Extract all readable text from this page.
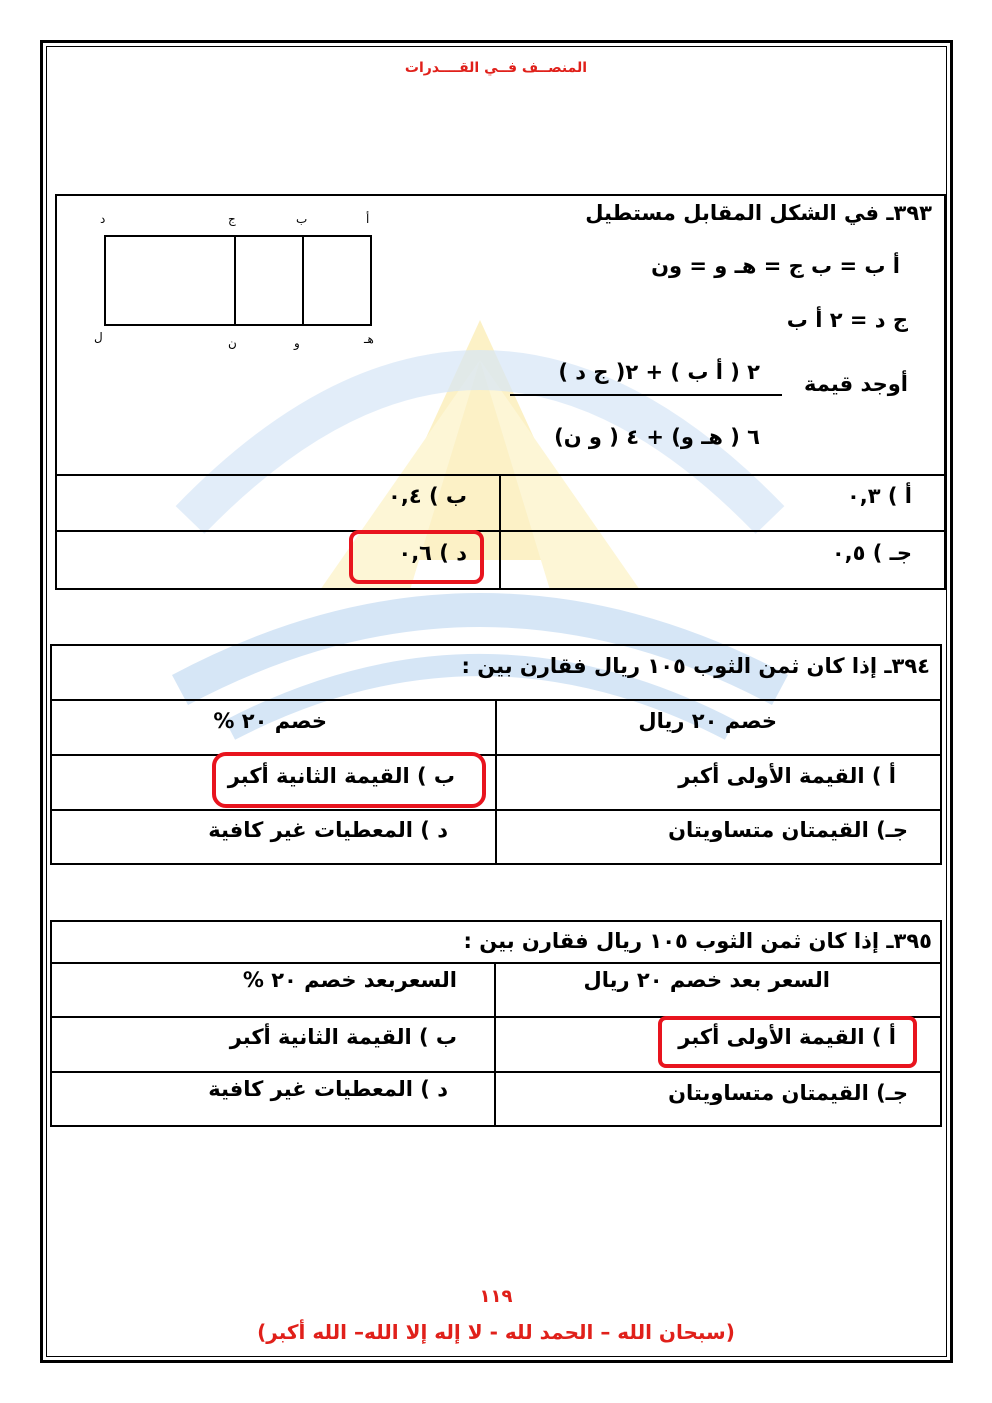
المنصــف فــي القــــدرات
٣٩٣ـ في الشكل المقابل مستطيل
أ ب = ب ج = هـ و = ون
ج د = ٢ أ ب
أوجد قيمة
٢ ( أ ب ) + ٢( ج د )
٦ ( هـ و) + ٤ ( و ن)
أ
ب
ج
د
هـ
و
ن
ل
أ ) ٠,٣
ب ) ٠,٤
جـ ) ٠,٥
د ) ٠,٦
٣٩٤ـ إذا كان ثمن الثوب ١٠٥ ريال فقارن بين :
خصم ٢٠ ريال
خصم ٢٠ %
أ ) القيمة الأولى أكبر
ب ) القيمة الثانية أكبر
جـ) القيمتان متساويتان
د ) المعطيات غير كافية
٣٩٥ـ إذا كان ثمن الثوب ١٠٥ ريال فقارن بين :
السعر بعد خصم ٢٠ ريال
السعربعد خصم ٢٠ %
أ ) القيمة الأولى أكبر
ب ) القيمة الثانية أكبر
جـ) القيمتان متساويتان
د ) المعطيات غير كافية
١١٩
(سبحان الله – الحمد لله - لا إله إلا الله– الله أكبر)
